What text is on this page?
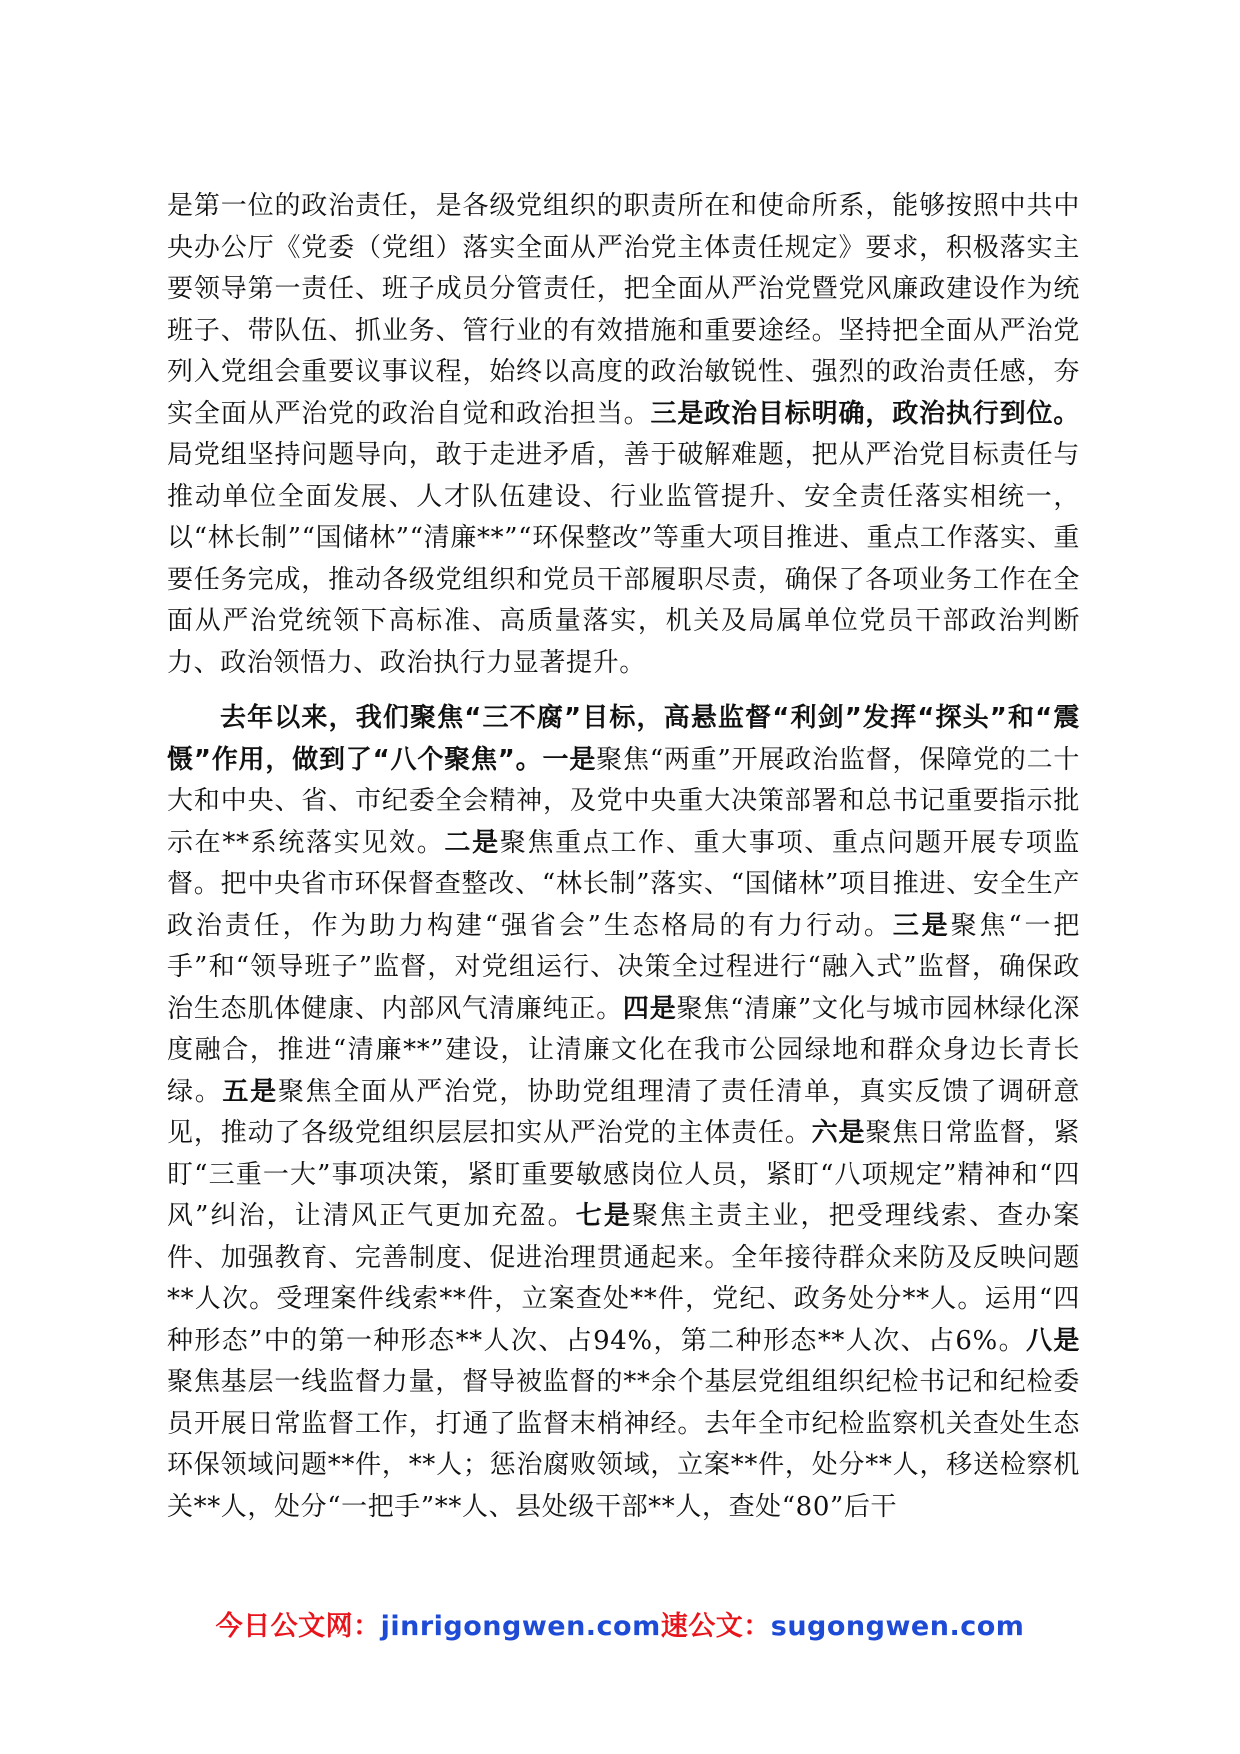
是第一位的政治责任，是各级党组织的职责所在和使命所系，能够按照中共中央办公厅《党委（党组）落实全面从严治党主体责任规定》要求，积极落实主要领导第一责任、班子成员分管责任，把全面从严治党暨党风廉政建设作为统班子、带队伍、抓业务、管行业的有效措施和重要途经。坚持把全面从严治党列入党组会重要议事议程，始终以高度的政治敏锐性、强烈的政治责任感，夯实全面从严治党的政治自觉和政治担当。三是政治目标明确，政治执行到位。局党组坚持问题导向，敢于走进矛盾，善于破解难题，把从严治党目标责任与推动单位全面发展、人才队伍建设、行业监管提升、安全责任落实相统一，以“林长制”“国储林”“清廉**”“环保整改”等重大项目推进、重点工作落实、重要任务完成，推动各级党组织和党员干部履职尽责，确保了各项业务工作在全面从严治党统领下高标准、高质量落实，机关及局属单位党员干部政治判断力、政治领悟力、政治执行力显著提升。

去年以来，我们聚焦“三不腐”目标，高悬监督“利剑”发挥“探头”和“震慑”作用，做到了“八个聚焦”。一是聚焦“两重”开展政治监督，保障党的二十大和中央、省、市纪委全会精神，及党中央重大决策部署和总书记重要指示批示在**系统落实见效。二是聚焦重点工作、重大事项、重点问题开展专项监督。把中央省市环保督查整改、“林长制”落实、“国储林”项目推进、安全生产政治责任，作为助力构建“强省会”生态格局的有力行动。三是聚焦“一把手”和“领导班子”监督，对党组运行、决策全过程进行“融入式”监督，确保政治生态肌体健康、内部风气清廉纯正。四是聚焦“清廉”文化与城市园林绿化深度融合，推进“清廉**”建设，让清廉文化在我市公园绿地和群众身边长青长绿。五是聚焦全面从严治党，协助党组理清了责任清单，真实反馈了调研意见，推动了各级党组织层层扣实从严治党的主体责任。六是聚焦日常监督，紧盯“三重一大”事项决策，紧盯重要敏感岗位人员，紧盯“八项规定”精神和“四风”纠治，让清风正气更加充盈。七是聚焦主责主业，把受理线索、查办案件、加强教育、完善制度、促进治理贯通起来。全年接待群众来防及反映问题**人次。受理案件线索**件，立案查处**件，党纪、政务处分**人。运用“四种形态”中的第一种形态**人次、占94%，第二种形态**人次、占6%。八是聚焦基层一线监督力量，督导被监督的**余个基层党组组织纪检书记和纪检委员开展日常监督工作，打通了监督末梢神经。去年全市纪检监察机关查处生态环保领域问题**件，**人；惩治腐败领域，立案**件，处分**人，移送检察机关**人，处分“一把手”**人、县处级干部**人，查处“80”后干

今日公文网：jinrigongwen.com速公文：sugongwen.com
